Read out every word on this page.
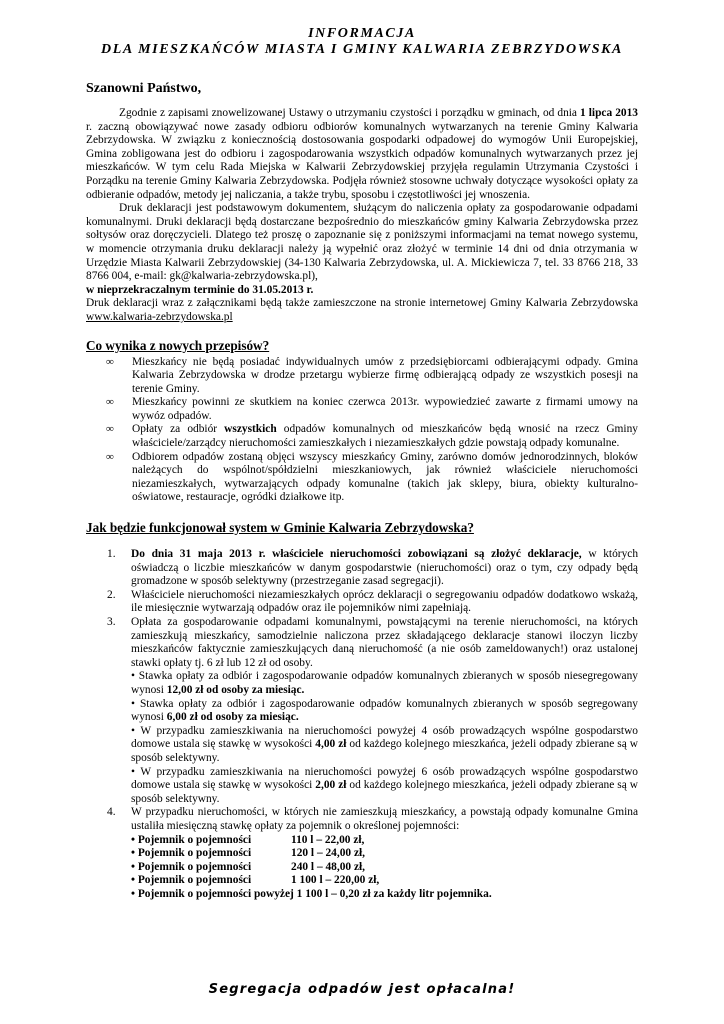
INFORMACJA
DLA MIESZKAŃCÓW MIASTA I GMINY KALWARIA ZEBRZYDOWSKA
Szanowni Państwo,
Zgodnie z zapisami znowelizowanej Ustawy o utrzymaniu czystości i porządku w gminach, od dnia 1 lipca 2013 r. zaczną obowiązywać nowe zasady odbioru odbiorów komunalnych wytwarzanych na terenie Gminy Kalwaria Zebrzydowska. W związku z koniecznością dostosowania gospodarki odpadowej do wymogów Unii Europejskiej, Gmina zobligowana jest do odbioru i zagospodarowania wszystkich odpadów komunalnych wytwarzanych przez jej mieszkańców. W tym celu Rada Miejska w Kalwarii Zebrzydowskiej przyjęła regulamin Utrzymania Czystości i Porządku na terenie Gminy Kalwaria Zebrzydowska. Podjęła również stosowne uchwały dotyczące wysokości opłaty za odbieranie odpadów, metody jej naliczania, a także trybu, sposobu i częstotliwości jej wnoszenia.
Druk deklaracji jest podstawowym dokumentem, służącym do naliczenia opłaty za gospodarowanie odpadami komunalnymi. Druki deklaracji będą dostarczane bezpośrednio do mieszkańców gminy Kalwaria Zebrzydowska przez sołtysów oraz doręczycieli. Dlatego też proszę o zapoznanie się z poniższymi informacjami na temat nowego systemu, w momencie otrzymania druku deklaracji należy ją wypełnić oraz złożyć w terminie 14 dni od dnia otrzymania w Urzędzie Miasta Kalwarii Zebrzydowskiej (34-130 Kalwaria Zebrzydowska, ul. A. Mickiewicza 7, tel. 33 8766 218, 33 8766 004, e-mail: gk@kalwaria-zebrzydowska.pl),
w nieprzekraczalnym terminie do 31.05.2013 r.
Druk deklaracji wraz z załącznikami będą także zamieszczone na stronie internetowej Gminy Kalwaria Zebrzydowska www.kalwaria-zebrzydowska.pl
Co wynika z nowych przepisów?
∞ Mieszkańcy nie będą posiadać indywidualnych umów z przedsiębiorcami odbierającymi odpady. Gmina Kalwaria Zebrzydowska w drodze przetargu wybierze firmę odbierającą odpady ze wszystkich posesji na terenie Gminy.
∞ Mieszkańcy powinni ze skutkiem na koniec czerwca 2013r. wypowiedzieć zawarte z firmami umowy na wywóz odpadów.
∞ Opłaty za odbiór wszystkich odpadów komunalnych od mieszkańców będą wnosić na rzecz Gminy właściciele/zarządcy nieruchomości zamieszkałych i niezamieszkałych gdzie powstają odpady komunalne.
∞ Odbiorem odpadów zostaną objęci wszyscy mieszkańcy Gminy, zarówno domów jednorodzinnych, bloków należących do wspólnot/spółdzielni mieszkaniowych, jak również właściciele nieruchomości niezamieszkałych, wytwarzających odpady komunalne (takich jak sklepy, biura, obiekty kulturalno-oświatowe, restauracje, ogródki działkowe itp.
Jak będzie funkcjonował system w Gminie Kalwaria Zebrzydowska?
1. Do dnia 31 maja 2013 r. właściciele nieruchomości zobowiązani są złożyć deklaracje, w których oświadczą o liczbie mieszkańców w danym gospodarstwie (nieruchomości) oraz o tym, czy odpady będą gromadzone w sposób selektywny (przestrzeganie zasad segregacji).
2. Właściciele nieruchomości niezamieszkałych oprócz deklaracji o segregowaniu odpadów dodatkowo wskażą, ile miesięcznie wytwarzają odpadów oraz ile pojemników nimi zapełniają.
3. Opłata za gospodarowanie odpadami komunalnymi, powstającymi na terenie nieruchomości, na których zamieszkują mieszkańcy, samodzielnie naliczona przez składającego deklaracje stanowi iloczyn liczby mieszkańców faktycznie zamieszkujących daną nieruchomość (a nie osób zameldowanych!) oraz ustalonej stawki opłaty tj. 6 zł lub 12 zł od osoby.
• Stawka opłaty za odbiór i zagospodarowanie odpadów komunalnych zbieranych w sposób niesegregowany wynosi 12,00 zł od osoby za miesiąc.
• Stawka opłaty za odbiór i zagospodarowanie odpadów komunalnych zbieranych w sposób segregowany wynosi 6,00 zł od osoby za miesiąc.
• W przypadku zamieszkiwania na nieruchomości powyżej 4 osób prowadzących wspólne gospodarstwo domowe ustala się stawkę w wysokości 4,00 zł od każdego kolejnego mieszkańca, jeżeli odpady zbierane są w sposób selektywny.
• W przypadku zamieszkiwania na nieruchomości powyżej 6 osób prowadzących wspólne gospodarstwo domowe ustala się stawkę w wysokości 2,00 zł od każdego kolejnego mieszkańca, jeżeli odpady zbierane są w sposób selektywny.
4. W przypadku nieruchomości, w których nie zamieszkują mieszkańcy, a powstają odpady komunalne Gmina ustaliła miesięczną stawkę opłaty za pojemnik o określonej pojemności:
• Pojemnik o pojemności	110 l – 22,00 zł,
• Pojemnik o pojemności	120 l – 24,00 zł,
• Pojemnik o pojemności	240 l – 48,00 zł,
• Pojemnik o pojemności	1 100 l – 220,00 zł,
• Pojemnik o pojemności powyżej 1 100 l – 0,20 zł za każdy litr pojemnika.
Segregacja odpadów jest opłacalna!
